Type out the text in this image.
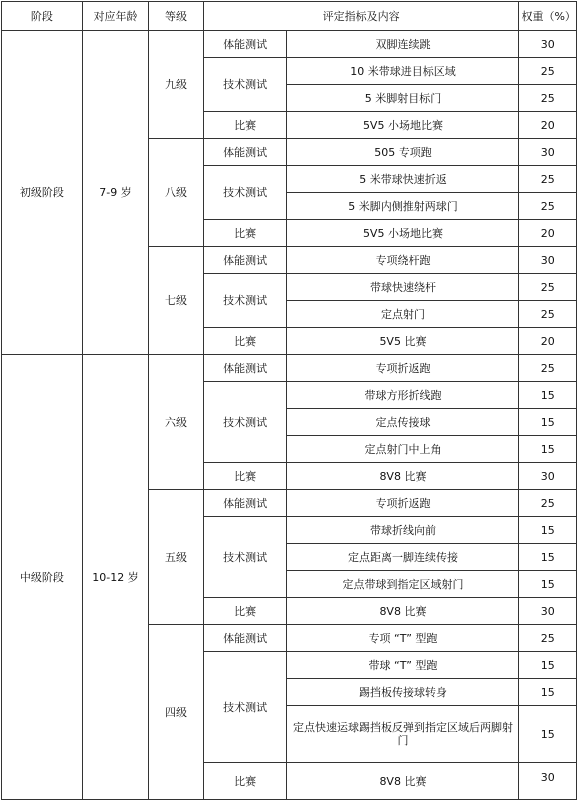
阶段	对应年龄	等级	评定指标及内容		权重（%）
初级阶段	7-9 岁	九级	体能测试	双脚连续跳	30
			技术测试	10 米带球进目标区域	25
				5 米脚射目标门	25
			比赛	5V5 小场地比赛	20
		八级	体能测试	505 专项跑	30
			技术测试	5 米带球快速折返	25
				5 米脚内侧推射两球门	25
			比赛	5V5 小场地比赛	20
		七级	体能测试	专项绕杆跑	30
			技术测试	带球快速绕杆	25
				定点射门	25
			比赛	5V5 比赛	20
中级阶段	10-12 岁	六级	体能测试	专项折返跑	25
			技术测试	带球方形折线跑	15
				定点传接球	15
				定点射门中上角	15
			比赛	8V8 比赛	30
		五级	体能测试	专项折返跑	25
			技术测试	带球折线向前	15
				定点距离一脚连续传接	15
				定点带球到指定区域射门	15
			比赛	8V8 比赛	30
		四级	体能测试	专项 “T” 型跑	25
			技术测试	带球 “T” 型跑	15
				踢挡板传接球转身	15
				定点快速运球踢挡板反弹到指定区域后两脚射门	15
			比赛	8V8 比赛	30
